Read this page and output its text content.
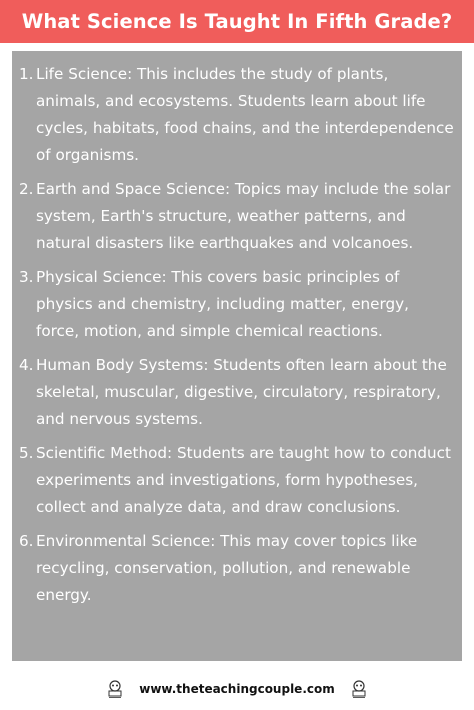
What Science Is Taught In Fifth Grade?
1. Life Science: This includes the study of plants, animals, and ecosystems. Students learn about life cycles, habitats, food chains, and the interdependence of organisms.
2. Earth and Space Science: Topics may include the solar system, Earth's structure, weather patterns, and natural disasters like earthquakes and volcanoes.
3. Physical Science: This covers basic principles of physics and chemistry, including matter, energy, force, motion, and simple chemical reactions.
4. Human Body Systems: Students often learn about the skeletal, muscular, digestive, circulatory, respiratory, and nervous systems.
5. Scientific Method: Students are taught how to conduct experiments and investigations, form hypotheses, collect and analyze data, and draw conclusions.
6. Environmental Science: This may cover topics like recycling, conservation, pollution, and renewable energy.
www.theteachingcouple.com
